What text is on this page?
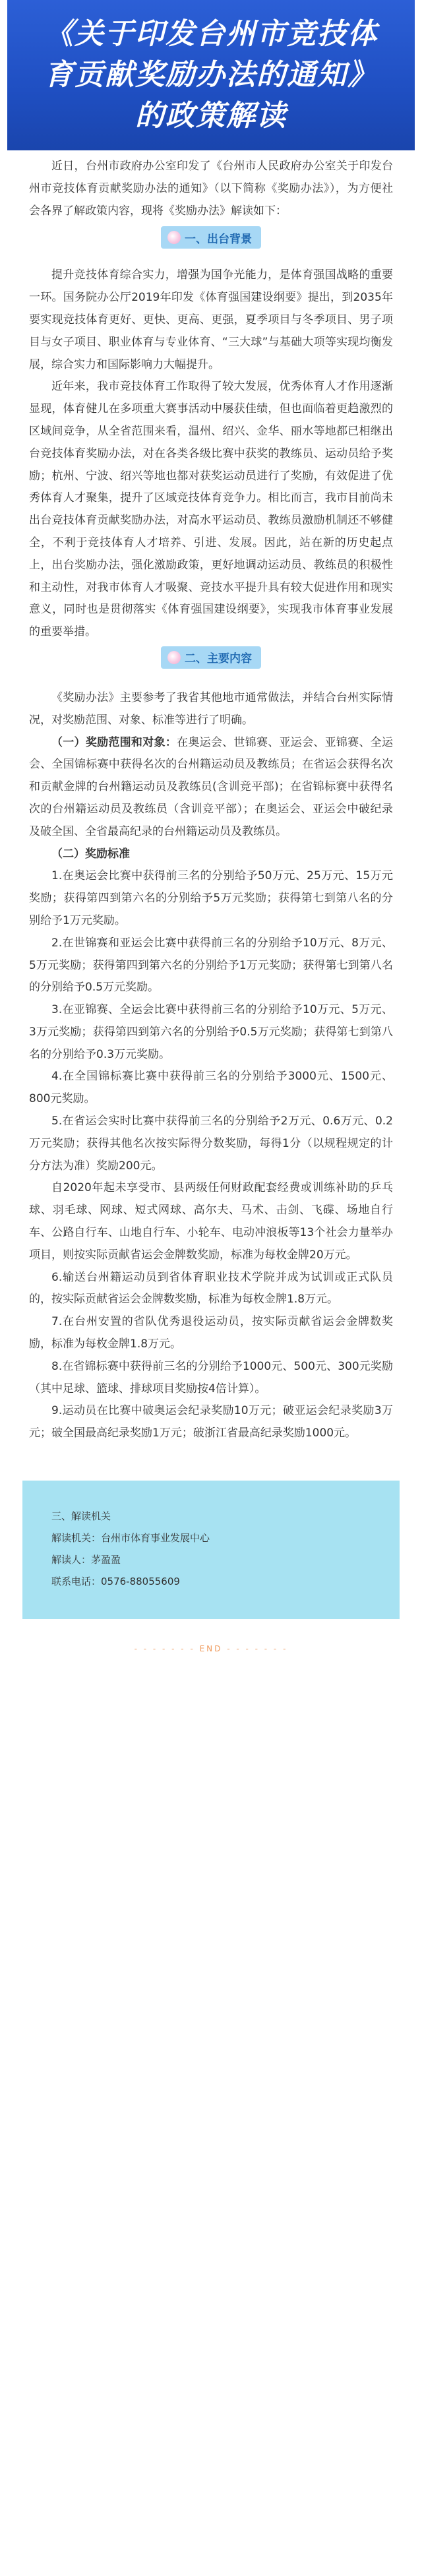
《关于印发台州市竞技体
育贡献奖励办法的通知》
的政策解读

近日，台州市政府办公室印发了《台州市人民政府办公室关于印发台州市竞技体育贡献奖励办法的通知》（以下简称《奖励办法》），为方便社会各界了解政策内容，现将《奖励办法》解读如下：

一、出台背景

提升竞技体育综合实力，增强为国争光能力，是体育强国战略的重要一环。国务院办公厅2019年印发《体育强国建设纲要》提出，到2035年要实现竞技体育更好、更快、更高、更强，夏季项目与冬季项目、男子项目与女子项目、职业体育与专业体育、“三大球”与基础大项等实现均衡发展，综合实力和国际影响力大幅提升。

近年来，我市竞技体育工作取得了较大发展，优秀体育人才作用逐渐显现，体育健儿在多项重大赛事活动中屡获佳绩，但也面临着更趋激烈的区域间竞争，从全省范围来看，温州、绍兴、金华、丽水等地都已相继出台竞技体育奖励办法，对在各类各级比赛中获奖的教练员、运动员给予奖励；杭州、宁波、绍兴等地也都对获奖运动员进行了奖励，有效促进了优秀体育人才聚集，提升了区域竞技体育竞争力。相比而言，我市目前尚未出台竞技体育贡献奖励办法，对高水平运动员、教练员激励机制还不够健全，不利于竞技体育人才培养、引进、发展。因此，站在新的历史起点上，出台奖励办法，强化激励政策，更好地调动运动员、教练员的积极性和主动性，对我市体育人才吸聚、竞技水平提升具有较大促进作用和现实意义，同时也是贯彻落实《体育强国建设纲要》，实现我市体育事业发展的重要举措。

二、主要内容

《奖励办法》主要参考了我省其他地市通常做法，并结合台州实际情况，对奖励范围、对象、标准等进行了明确。

（一）奖励范围和对象：在奥运会、世锦赛、亚运会、亚锦赛、全运会、全国锦标赛中获得名次的台州籍运动员及教练员；在省运会获得名次和贡献金牌的台州籍运动员及教练员(含训竞平部)；在省锦标赛中获得名次的台州籍运动员及教练员（含训竞平部）；在奥运会、亚运会中破纪录及破全国、全省最高纪录的台州籍运动员及教练员。

（二）奖励标准

1.在奥运会比赛中获得前三名的分别给予50万元、25万元、15万元奖励；获得第四到第六名的分别给予5万元奖励；获得第七到第八名的分别给予1万元奖励。

2.在世锦赛和亚运会比赛中获得前三名的分别给予10万元、8万元、5万元奖励；获得第四到第六名的分别给予1万元奖励；获得第七到第八名的分别给予0.5万元奖励。

3.在亚锦赛、全运会比赛中获得前三名的分别给予10万元、5万元、3万元奖励；获得第四到第六名的分别给予0.5万元奖励；获得第七到第八名的分别给予0.3万元奖励。

4.在全国锦标赛比赛中获得前三名的分别给予3000元、1500元、800元奖励。

5.在省运会实时比赛中获得前三名的分别给予2万元、0.6万元、0.2万元奖励；获得其他名次按实际得分数奖励，每得1分（以规程规定的计分方法为准）奖励200元。

自2020年起未享受市、县两级任何财政配套经费或训练补助的乒乓球、羽毛球、网球、短式网球、高尔夫、马术、击剑、飞碟、场地自行车、公路自行车、山地自行车、小轮车、电动冲浪板等13个社会力量举办项目，则按实际贡献省运会金牌数奖励，标准为每枚金牌20万元。

6.输送台州籍运动员到省体育职业技术学院并成为试训或正式队员的，按实际贡献省运会金牌数奖励，标准为每枚金牌1.8万元。

7.在台州安置的省队优秀退役运动员，按实际贡献省运会金牌数奖励，标准为每枚金牌1.8万元。

8.在省锦标赛中获得前三名的分别给予1000元、500元、300元奖励（其中足球、篮球、排球项目奖励按4倍计算）。

9.运动员在比赛中破奥运会纪录奖励10万元；破亚运会纪录奖励3万元；破全国最高纪录奖励1万元；破浙江省最高纪录奖励1000元。

三、解读机关
解读机关：台州市体育事业发展中心
解读人：茅盈盈
联系电话：0576-88055609
- - - - - - - END - - - - - - -
